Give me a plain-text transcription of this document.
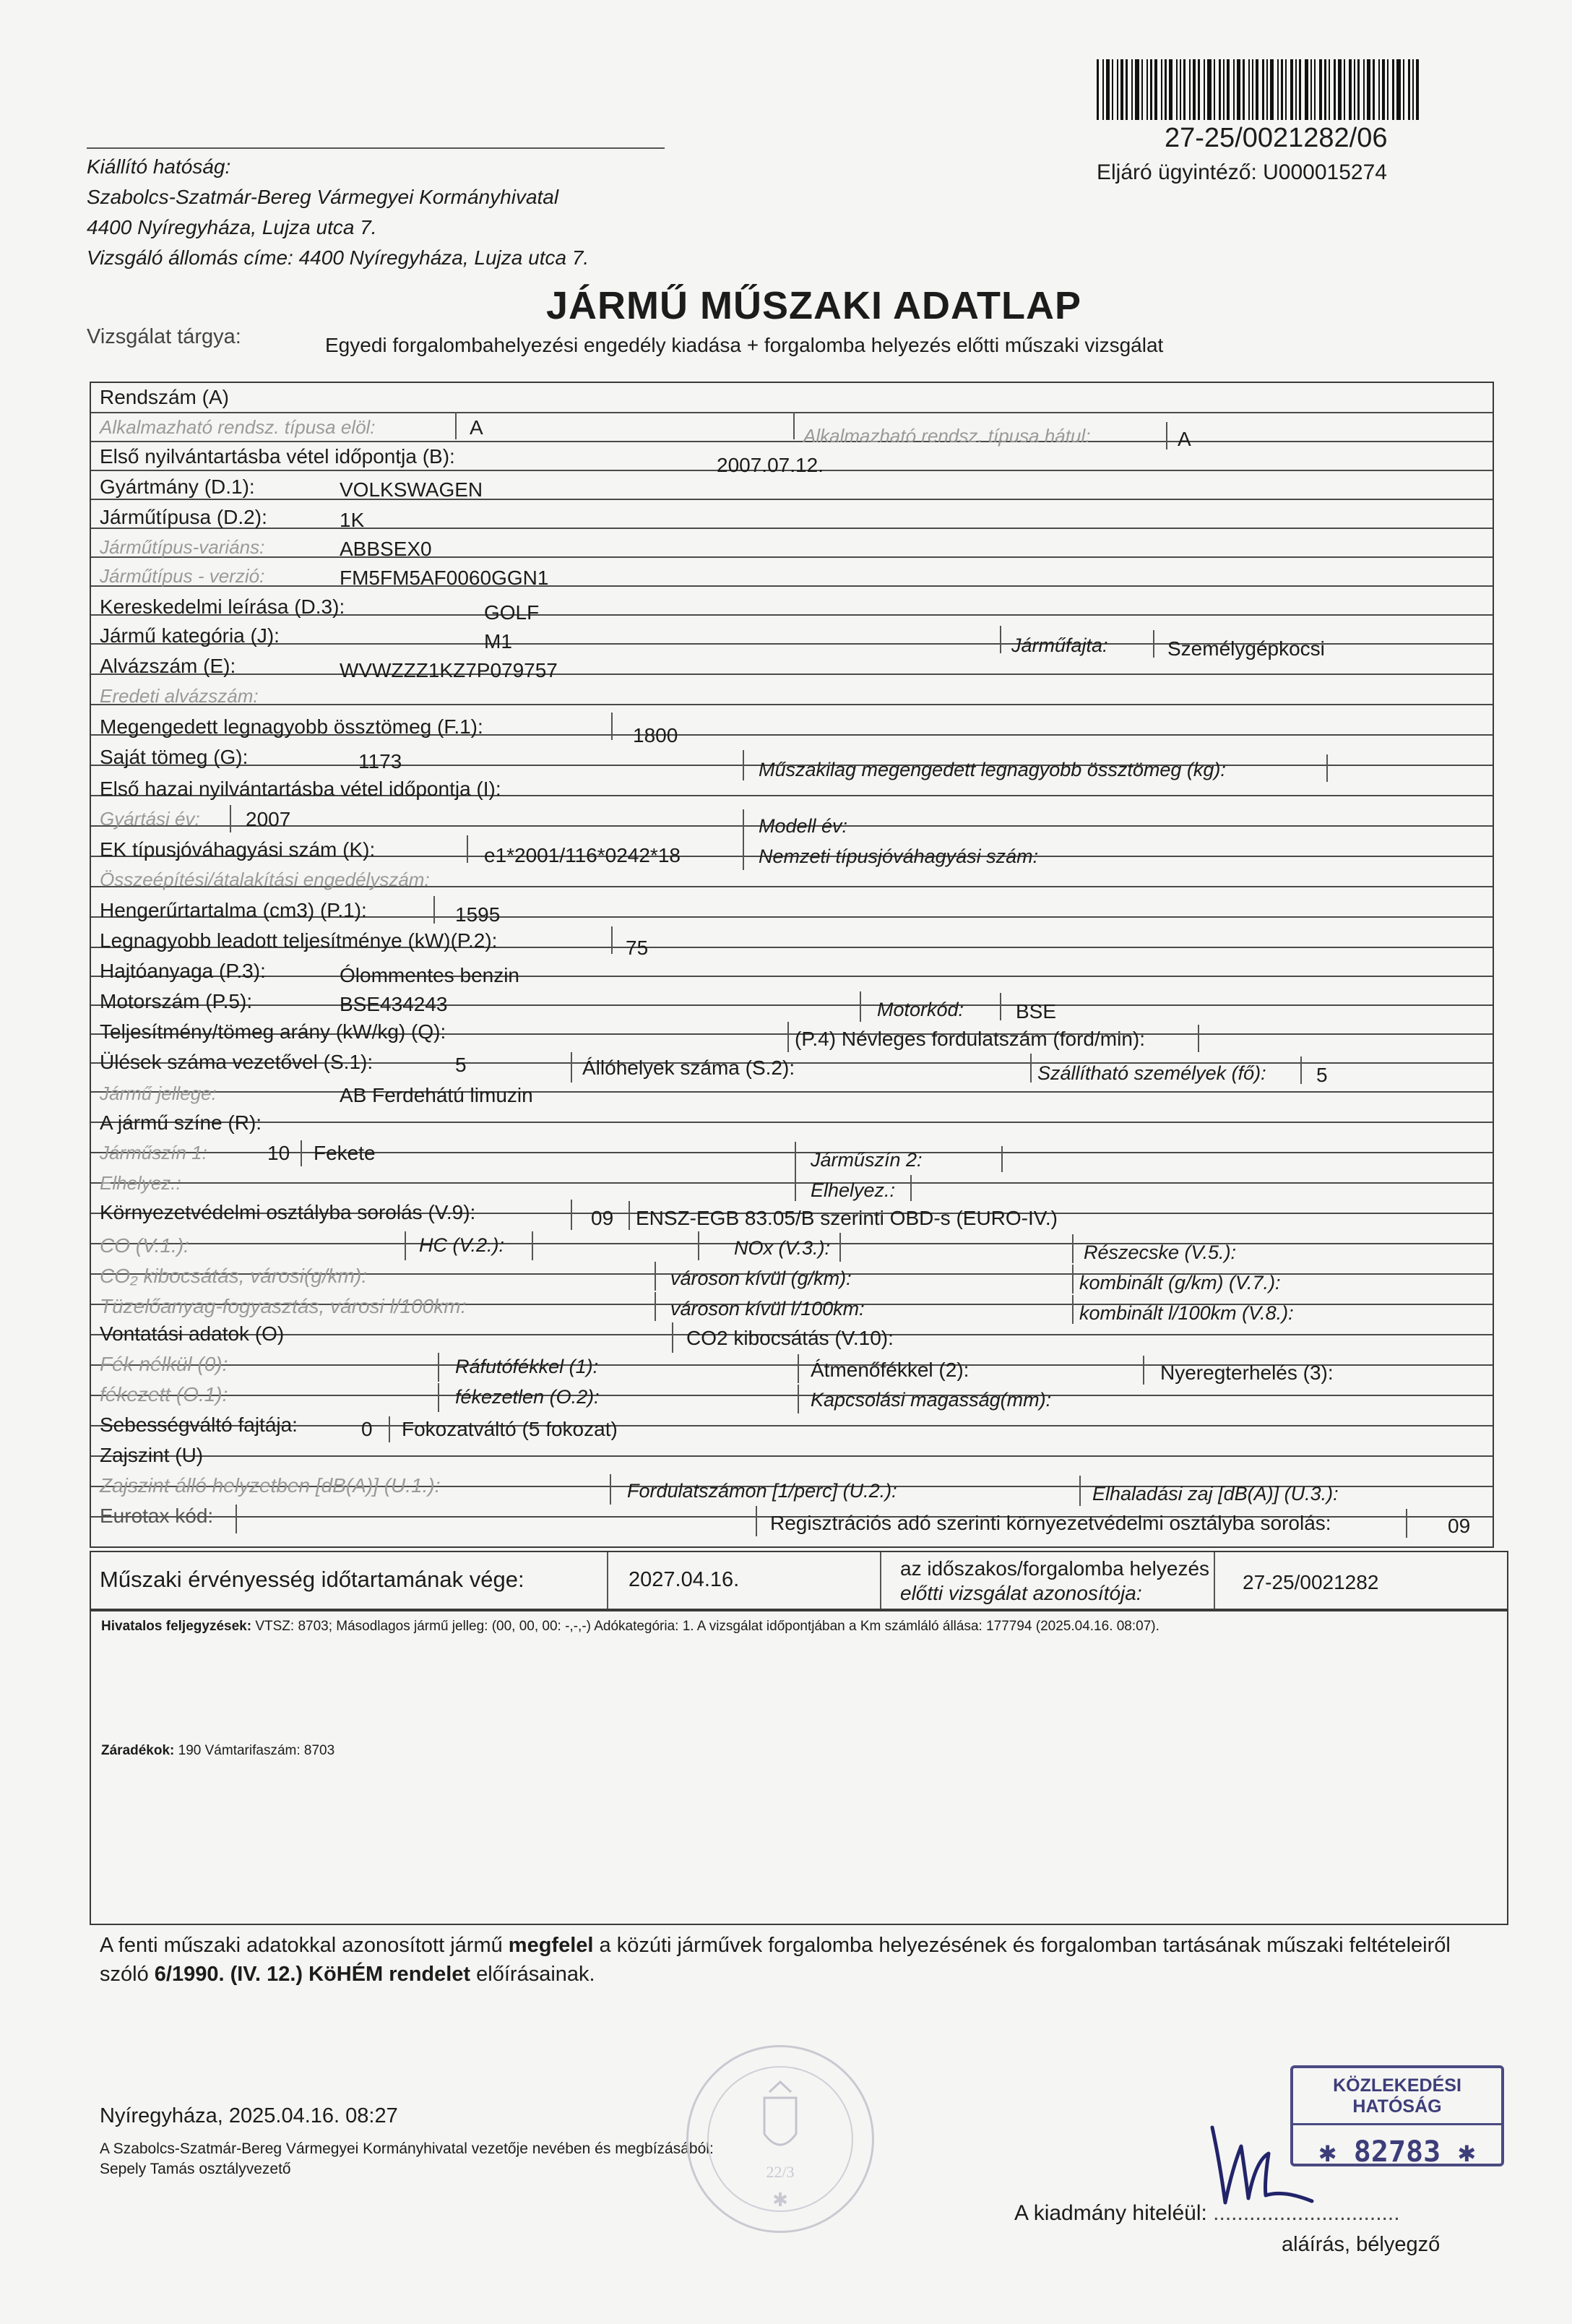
27-25/0021282/06
Eljáró ügyintéző: U000015274
Kiállító hatóság:
Szabolcs-Szatmár-Bereg Vármegyei Kormányhivatal
4400 Nyíregyháza, Lujza utca 7.
Vizsgáló állomás címe: 4400 Nyíregyháza, Lujza utca 7.
JÁRMŰ MŰSZAKI ADATLAP
Vizsgálat tárgya:	Egyedi forgalombahelyezési engedély kiadása + forgalomba helyezés előtti műszaki vizsgálat
Rendszám (A)
Alkalmazható rendsz. típusa elöl:	A	Alkalmazható rendsz. típusa hátul:	A
Első nyilvántartásba vétel időpontja (B):	2007.07.12.
Gyártmány (D.1):	VOLKSWAGEN
Járműtípusa (D.2):	1K
Járműtípus-variáns:	ABBSEX0
Járműtípus - verzió:	FM5FM5AF0060GGN1
Kereskedelmi leírása (D.3):	GOLF
Jármű kategória (J):	M1	Járműfajta:	Személygépkocsi
Alvázszám (E):	WVWZZZ1KZ7P079757
Eredeti alvázszám:
Megengedett legnagyobb össztömeg (F.1):	1800
Saját tömeg (G):	1173	Műszakilag megengedett legnagyobb össztömeg (kg):
Első hazai nyilvántartásba vétel időpontja (I):
Gyártási év: 2007	Modell év:
EK típusjóváhagyási szám (K):	e1*2001/116*0242*18	Nemzeti típusjóváhagyási szám:
Összeépítési/átalakítási engedélyszám:
Hengerűrtartalma (cm3) (P.1):	1595
Legnagyobb leadott teljesítménye (kW)(P.2):	75
Hajtóanyaga (P.3):	Ólommentes benzin
Motorszám (P.5):	BSE434243	Motorkód:	BSE
Teljesítmény/tömeg arány (kW/kg) (Q):	(P.4) Névleges fordulatszám (ford/min):
Ülések száma vezetővel (S.1):	5	Állóhelyek száma (S.2):	Szállítható személyek (fő): 5
Jármű jellege:	AB Ferdehátú limuzin
A jármű színe (R):
Járműszín 1:	10 Fekete	Járműszín 2:
Elhelyez.:	Elhelyez.:
Környezetvédelmi osztályba sorolás (V.9):	09 ENSZ-EGB 83.05/B szerinti OBD-s (EURO-IV.)
CO (V.1.):	HC (V.2.):	NOx (V.3.):	Részecske (V.5.):
CO₂ kibocsátás, városi(g/km):	városon kívül (g/km):	kombinált (g/km) (V.7.):
Tüzelőanyag-fogyasztás, városi l/100km:	városon kívül l/100km:	kombinált l/100km (V.8.):
Vontatási adatok (O)	CO2 kibocsátás (V.10):
Fék nélkül (0):	Ráfutófékkel (1):	Átmenőfékkel (2):	Nyeregterhelés (3):
fékezett (O.1):	fékezetlen (O.2):	Kapcsolási magasság(mm):
Sebességváltó fajtája:	0 Fokozatváltó (5 fokozat)
Zajszint (U)
Zajszint álló helyzetben [dB(A)] (U.1.):	Fordulatszámon [1/perc] (U.2.):	Elhaladási zaj [dB(A)] (U.3.):
Eurotax kód:	Regisztrációs adó szerinti környezetvédelmi osztályba sorolás:	09
Műszaki érvényesség időtartamának vége:	2027.04.16.	az időszakos/forgalomba helyezés
előtti vizsgálat azonosítója:	27-25/0021282
Hivatalos feljegyzések: VTSZ: 8703; Másodlagos jármű jelleg: (00, 00, 00: -,-,-) Adókategória: 1. A vizsgálat időpontjában a Km számláló állása: 177794 (2025.04.16. 08:07).
Záradékok: 190 Vámtarifaszám: 8703
A fenti műszaki adatokkal azonosított jármű megfelel a közúti járművek forgalomba helyezésének és forgalomban tartásának műszaki feltételeiről
szóló 6/1990. (IV. 12.) KöHÉM rendelet előírásainak.
Nyíregyháza, 2025.04.16. 08:27
A Szabolcs-Szatmár-Bereg Vármegyei Kormányhivatal vezetője nevében és megbízásából:
Sepely Tamás osztályvezető	22/3
✱
KÖZLEKEDÉSI HATÓSÁG
✱ 82783 ✱
A kiadmány hiteléül: ...............................
aláírás, bélyegző
